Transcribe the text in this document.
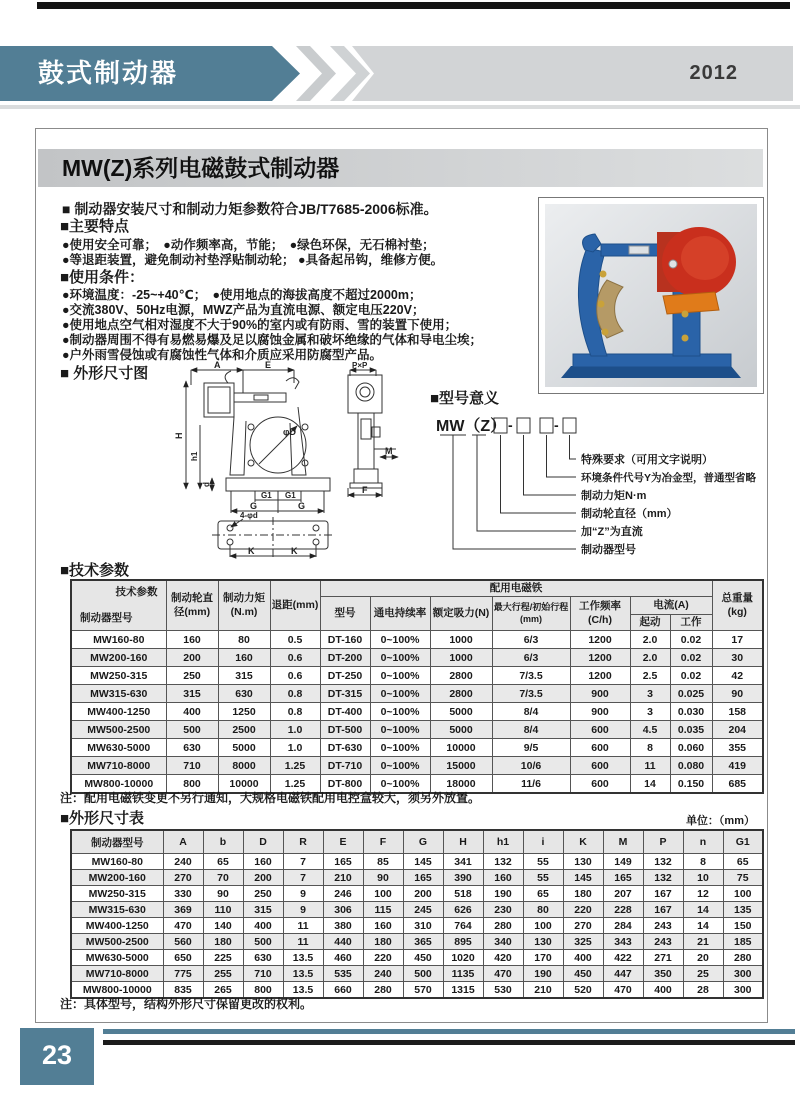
鼓式制动器	2012
MW(Z)系列电磁鼓式制动器
■ 制动器安装尺寸和制动力矩参数符合JB/T7685-2006标准。
■主要特点
●使用安全可靠；　●动作频率高，节能；　●绿色环保，无石棉衬垫；
●等退距装置，避免制动衬垫浮贴制动轮； ●具备起吊钩，维修方便。
■使用条件：
●环境温度：-25~+40℃；　●使用地点的海拔高度不超过2000m；
●交流380V、50Hz电源，MWZ产品为直流电源、额定电压220V；
●使用地点空气相对湿度不大于90%的室内或有防雨、雪的装置下使用；
●制动器周围不得有易燃易爆及足以腐蚀金属和破坏绝缘的气体和导电尘埃；
●户外雨雪侵蚀或有腐蚀性气体和介质应采用防腐型产品。
■ 外形尺寸图	A	E	P×P
H
h1
φD
d
G1 G1
G	G
4-φd
K	K
M
F
■型号意义
MW（Z） -	-
特殊要求（可用文字说明）
环境条件代号Y为冶金型，普通型省略
制动力矩N·m
制动轮直径（mm）
加“Z”为直流
制动器型号
■技术参数
技术参数
制动器型号	制动轮直径(mm)	制动力矩(N.m)	退距(mm)	配用电磁铁							总重量(kg)
				型号	通电持续率	额定吸力(N)	最大行程/初始行程(mm)	工作频率(C/h)	电流(A)		
									起动	工作	
MW160-80	160	80	0.5	DT-160	0~100%	1000	6/3	1200	2.0	0.02	17
MW200-160	200	160	0.6	DT-200	0~100%	1000	6/3	1200	2.0	0.02	30
MW250-315	250	315	0.6	DT-250	0~100%	2800	7/3.5	1200	2.5	0.02	42
MW315-630	315	630	0.8	DT-315	0~100%	2800	7/3.5	900	3	0.025	90
MW400-1250	400	1250	0.8	DT-400	0~100%	5000	8/4	900	3	0.030	158
MW500-2500	500	2500	1.0	DT-500	0~100%	5000	8/4	600	4.5	0.035	204
MW630-5000	630	5000	1.0	DT-630	0~100%	10000	9/5	600	8	0.060	355
MW710-8000	710	8000	1.25	DT-710	0~100%	15000	10/6	600	11	0.080	419
MW800-10000	800	10000	1.25	DT-800	0~100%	18000	11/6	600	14	0.150	685
注：配用电磁铁变更不另行通知，大规格电磁铁配用电控盒较大，须另外放置。
■外形尺寸表	单位：（mm）
制动器型号	A	b	D	R	E	F	G	H	h1	i	K	M	P	n	G1
MW160-80	240	65	160	7	165	85	145	341	132	55	130	149	132	8	65
MW200-160	270	70	200	7	210	90	165	390	160	55	145	165	132	10	75
MW250-315	330	90	250	9	246	100	200	518	190	65	180	207	167	12	100
MW315-630	369	110	315	9	306	115	245	626	230	80	220	228	167	14	135
MW400-1250	470	140	400	11	380	160	310	764	280	100	270	284	243	14	150
MW500-2500	560	180	500	11	440	180	365	895	340	130	325	343	243	21	185
MW630-5000	650	225	630	13.5	460	220	450	1020	420	170	400	422	271	20	280
MW710-8000	775	255	710	13.5	535	240	500	1135	470	190	450	447	350	25	300
MW800-10000	835	265	800	13.5	660	280	570	1315	530	210	520	470	400	28	300
注：具体型号，结构外形尺寸保留更改的权利。
23
